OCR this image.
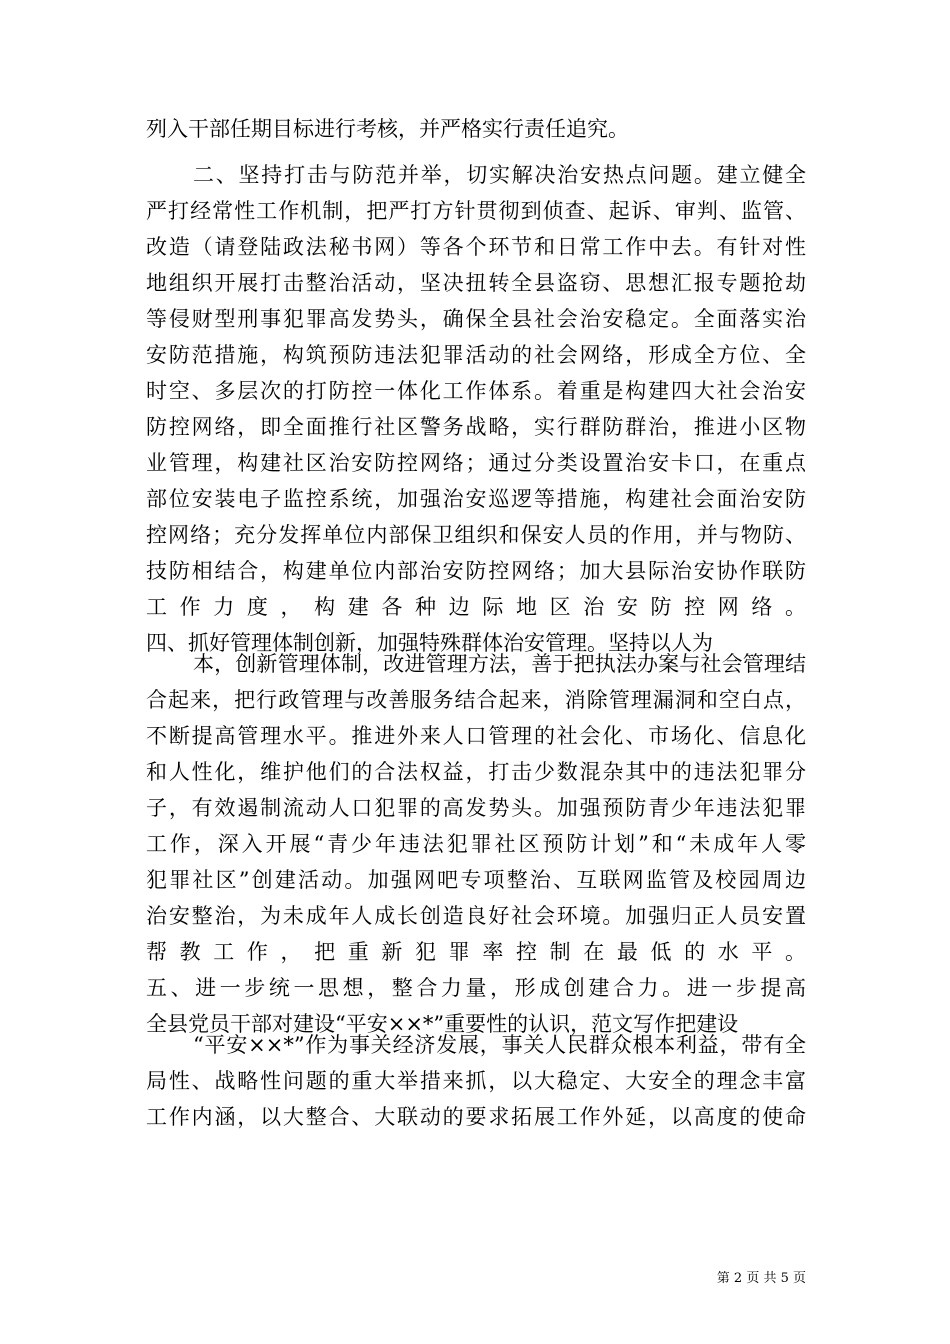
列入干部任期目标进行考核，并严格实行责任追究。
二、坚持打击与防范并举，切实解决治安热点问题。建立健全
严打经常性工作机制，把严打方针贯彻到侦查、起诉、审判、监管、
改造（请登陆政法秘书网）等各个环节和日常工作中去。有针对性
地组织开展打击整治活动，坚决扭转全县盗窃、思想汇报专题抢劫
等侵财型刑事犯罪高发势头，确保全县社会治安稳定。全面落实治
安防范措施，构筑预防违法犯罪活动的社会网络，形成全方位、全
时空、多层次的打防控一体化工作体系。着重是构建四大社会治安
防控网络，即全面推行社区警务战略，实行群防群治，推进小区物
业管理，构建社区治安防控网络；通过分类设置治安卡口，在重点
部位安装电子监控系统，加强治安巡逻等措施，构建社会面治安防
控网络；充分发挥单位内部保卫组织和保安人员的作用，并与物防、
技防相结合，构建单位内部治安防控网络；加大县际治安协作联防
工作力度，构建各种边际地区治安防控网络。
四、抓好管理体制创新，加强特殊群体治安管理。坚持以人为
本，创新管理体制，改进管理方法，善于把执法办案与社会管理结
合起来，把行政管理与改善服务结合起来，消除管理漏洞和空白点，
不断提高管理水平。推进外来人口管理的社会化、市场化、信息化
和人性化，维护他们的合法权益，打击少数混杂其中的违法犯罪分
子，有效遏制流动人口犯罪的高发势头。加强预防青少年违法犯罪
工作，深入开展“青少年违法犯罪社区预防计划”和“未成年人零
犯罪社区”创建活动。加强网吧专项整治、互联网监管及校园周边
治安整治，为未成年人成长创造良好社会环境。加强归正人员安置
帮教工作，把重新犯罪率控制在最低的水平。
五、进一步统一思想，整合力量，形成创建合力。进一步提高
全县党员干部对建设“平安××*”重要性的认识，范文写作把建设
“平安××*”作为事关经济发展，事关人民群众根本利益，带有全
局性、战略性问题的重大举措来抓，以大稳定、大安全的理念丰富
工作内涵，以大整合、大联动的要求拓展工作外延，以高度的使命
第 2 页 共 5 页
